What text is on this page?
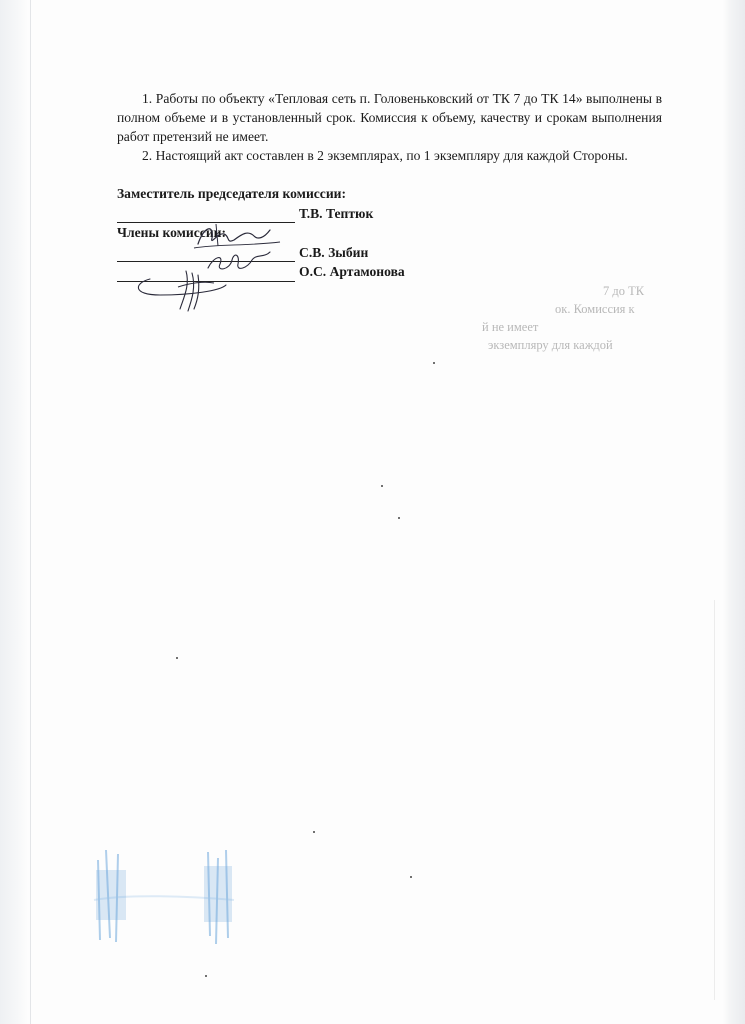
7 до ТК
ок. Комиссия к
й не имеет
экземпляру для каждой

1. Работы по объекту «Тепловая сеть п. Головеньковский от ТК 7 до ТК 14» выполнены в полном объеме и в установленный срок. Комиссия к объему, качеству и срокам выполнения работ претензий не имеет.

2. Настоящий акт составлен в 2 экземплярах, по 1 экземпляру для каждой Стороны.

Заместитель председателя комиссии:
Т.В. Тептюк
Члены комиссии:
С.В. Зыбин
О.С. Артамонова
